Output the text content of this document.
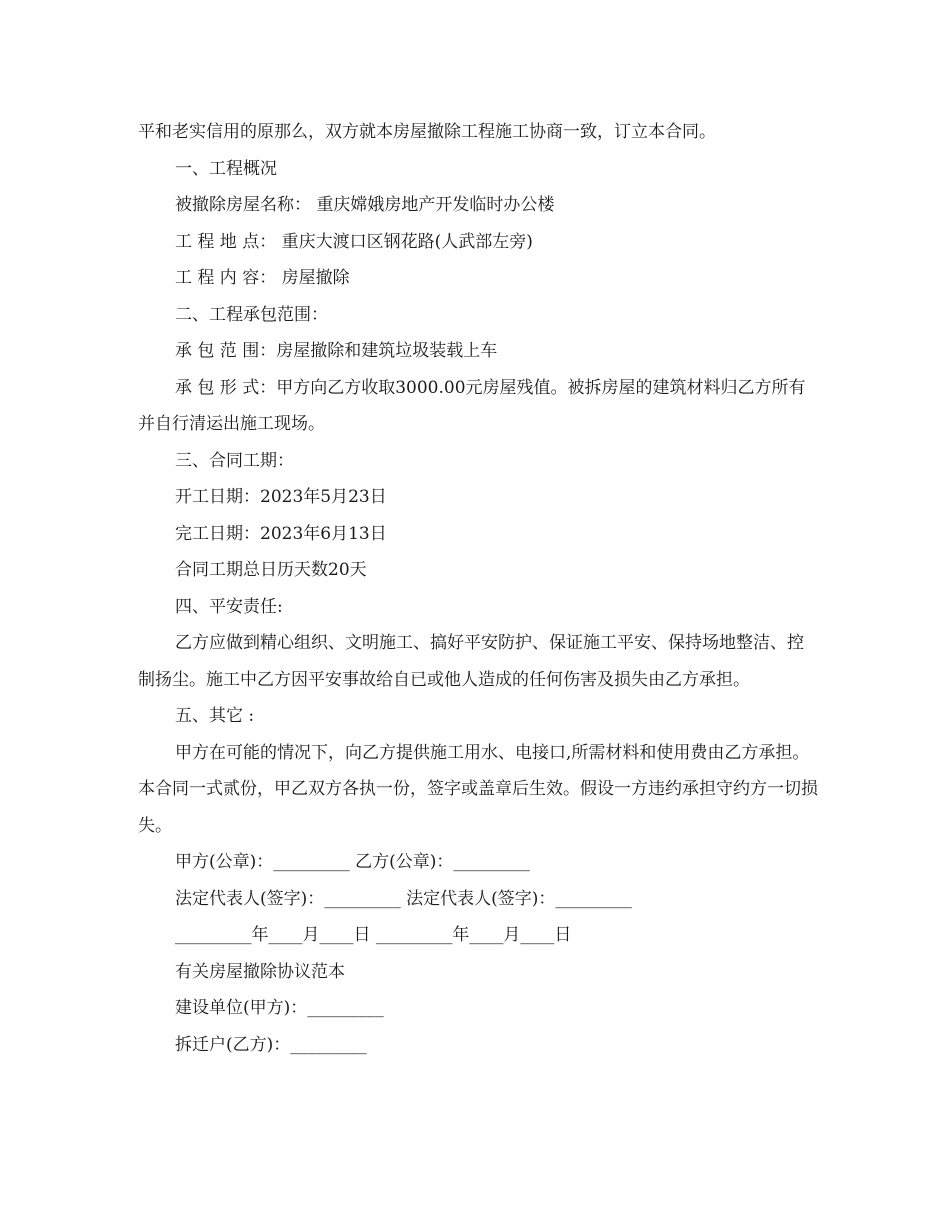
平和老实信用的原那么，双方就本房屋撤除工程施工协商一致，订立本合同。

一、工程概况

被撤除房屋名称： 重庆嫦娥房地产开发临时办公楼

工 程 地 点： 重庆大渡口区钢花路(人武部左旁)

工 程 内 容： 房屋撤除

二、工程承包范围：

承 包 范 围：房屋撤除和建筑垃圾装载上车

承 包 形 式：甲方向乙方收取3000.00元房屋残值。被拆房屋的建筑材料归乙方所有并自行清运出施工现场。

三、合同工期：

开工日期：2023年5月23日

完工日期：2023年6月13日

合同工期总日历天数20天

四、平安责任:

乙方应做到精心组织、文明施工、搞好平安防护、保证施工平安、保持场地整洁、控制扬尘。施工中乙方因平安事故给自已或他人造成的任何伤害及损失由乙方承担。

五、其它 :

甲方在可能的情况下，向乙方提供施工用水、电接口,所需材料和使用费由乙方承担。 本合同一式贰份，甲乙双方各执一份，签字或盖章后生效。假设一方违约承担守约方一切损失。

甲方(公章)：_________ 乙方(公章)：_________

法定代表人(签字)：_________ 法定代表人(签字)：_________

_________年____月____日 _________年____月____日

有关房屋撤除协议范本

建设单位(甲方)：_________

拆迁户(乙方)：_________
